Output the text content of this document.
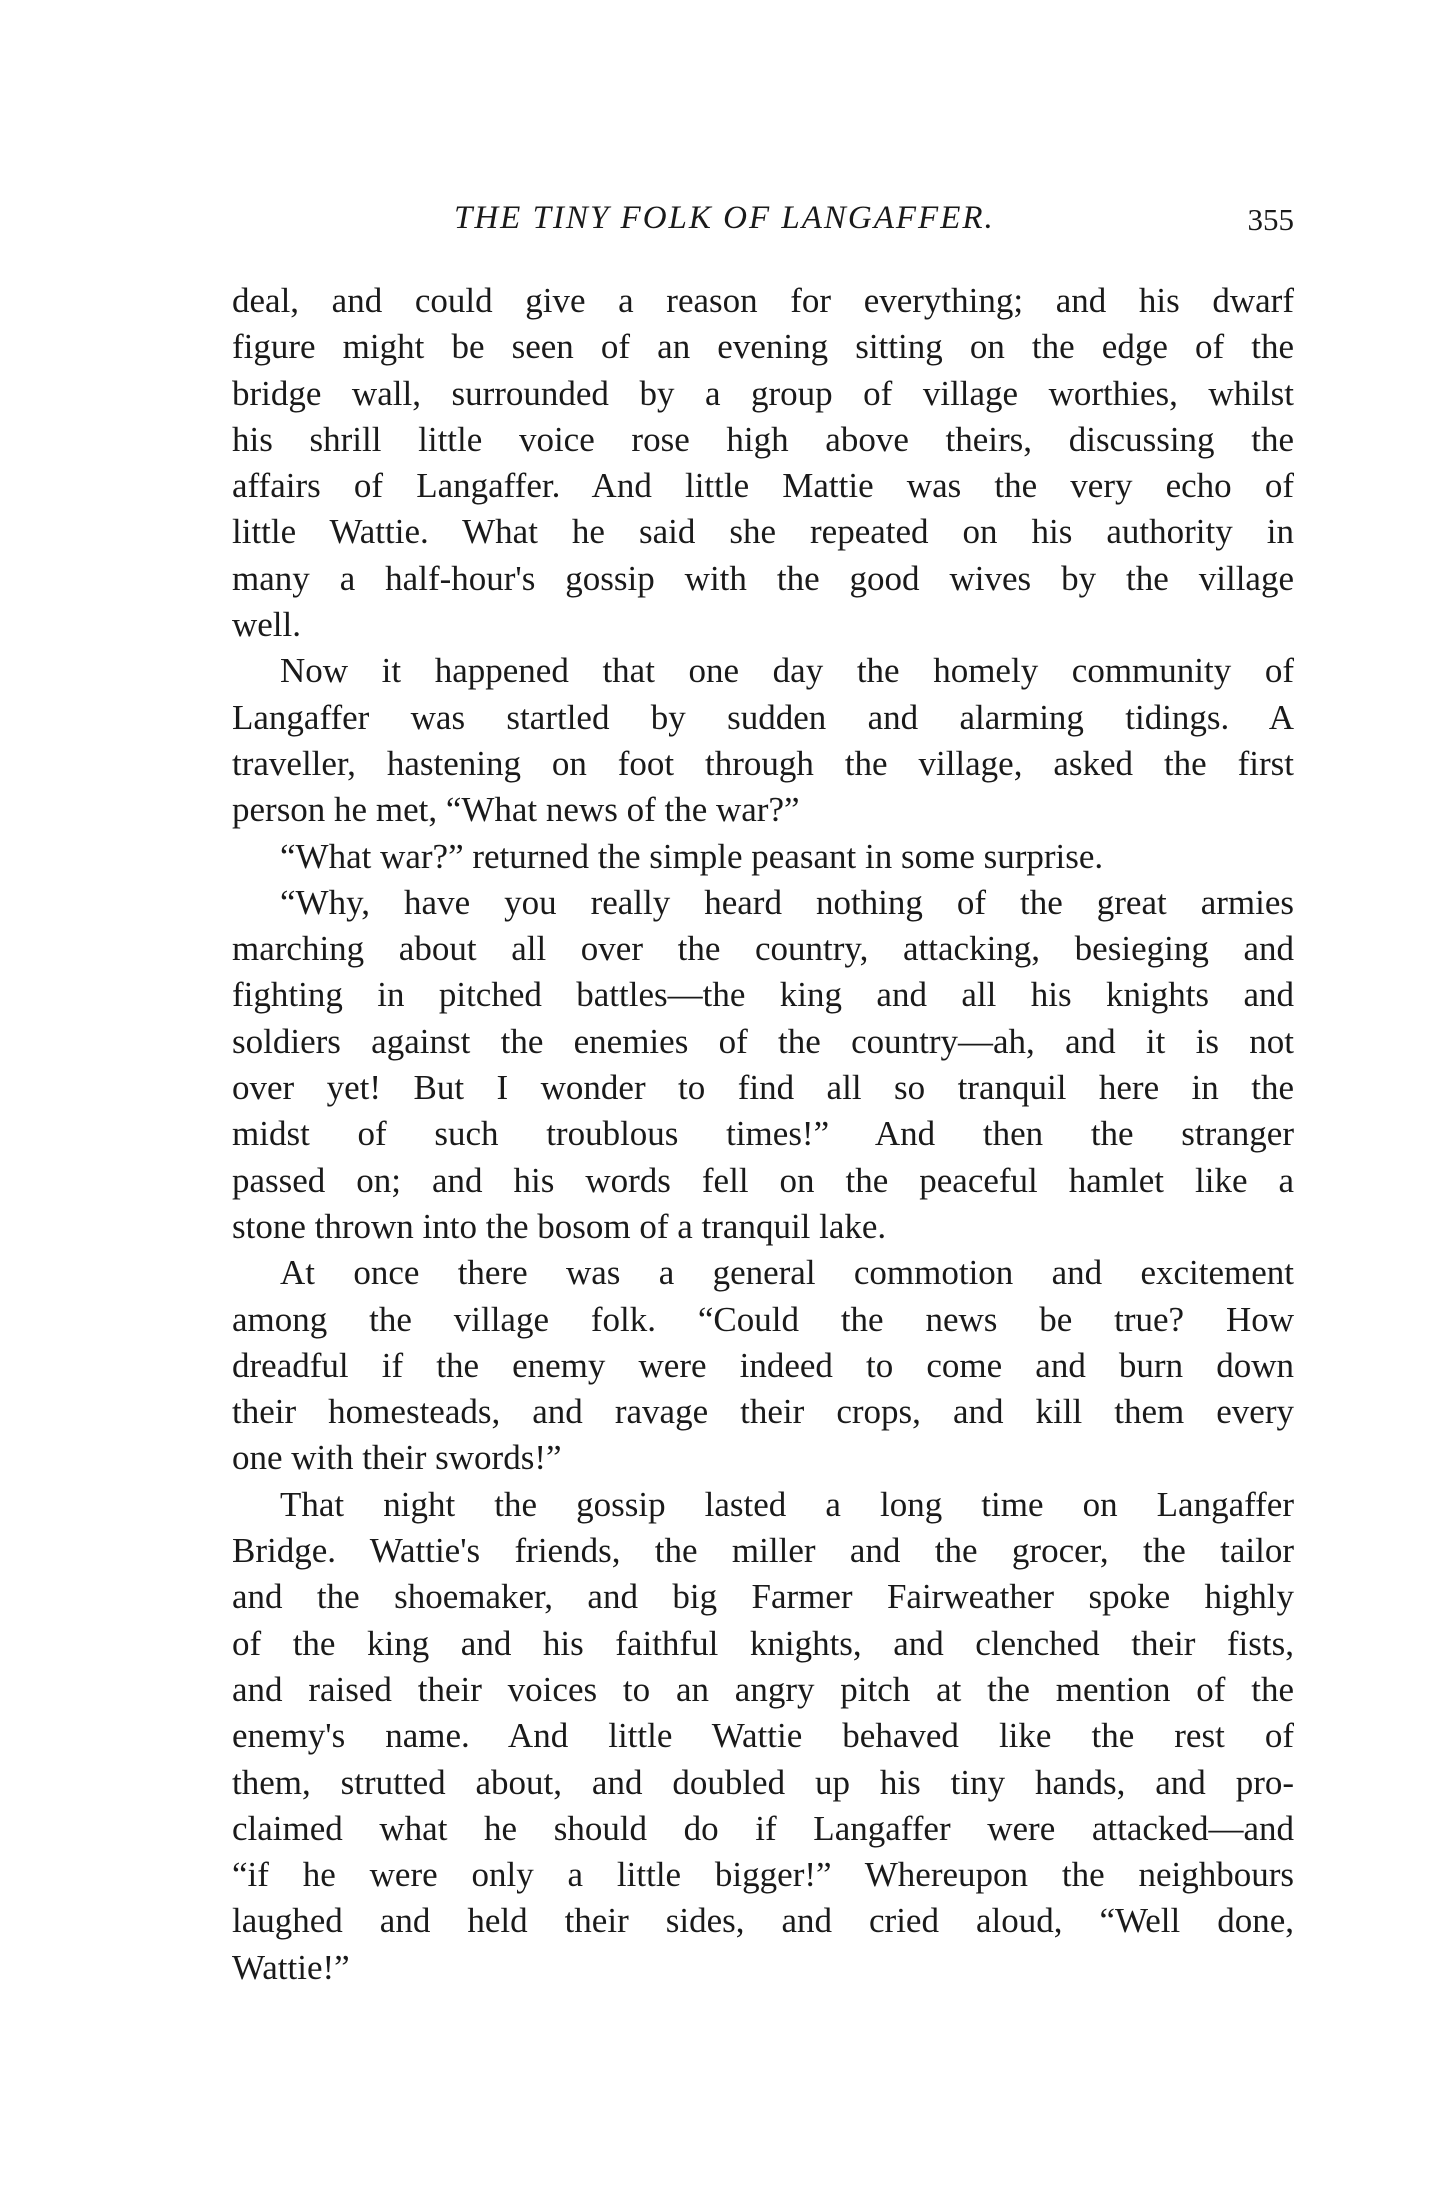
THE TINY FOLK OF LANGAFFER.	355
deal, and could give a reason for everything; and his dwarf
figure might be seen of an evening sitting on the edge of the
bridge wall, surrounded by a group of village worthies, whilst
his shrill little voice rose high above theirs, discussing the
affairs of Langaffer. And little Mattie was the very echo of
little Wattie. What he said she repeated on his authority in
many a half-hour's gossip with the good wives by the village
well.
Now it happened that one day the homely community of
Langaffer was startled by sudden and alarming tidings. A
traveller, hastening on foot through the village, asked the first
person he met, “What news of the war?”
“What war?” returned the simple peasant in some surprise.
“Why, have you really heard nothing of the great armies
marching about all over the country, attacking, besieging and
fighting in pitched battles—the king and all his knights and
soldiers against the enemies of the country—ah, and it is not
over yet! But I wonder to find all so tranquil here in the
midst of such troublous times!” And then the stranger
passed on; and his words fell on the peaceful hamlet like a
stone thrown into the bosom of a tranquil lake.
At once there was a general commotion and excitement
among the village folk. “Could the news be true? How
dreadful if the enemy were indeed to come and burn down
their homesteads, and ravage their crops, and kill them every
one with their swords!”
That night the gossip lasted a long time on Langaffer
Bridge. Wattie's friends, the miller and the grocer, the tailor
and the shoemaker, and big Farmer Fairweather spoke highly
of the king and his faithful knights, and clenched their fists,
and raised their voices to an angry pitch at the mention of the
enemy's name. And little Wattie behaved like the rest of
them, strutted about, and doubled up his tiny hands, and pro-
claimed what he should do if Langaffer were attacked—and
“if he were only a little bigger!” Whereupon the neighbours
laughed and held their sides, and cried aloud, “Well done,
Wattie!”
